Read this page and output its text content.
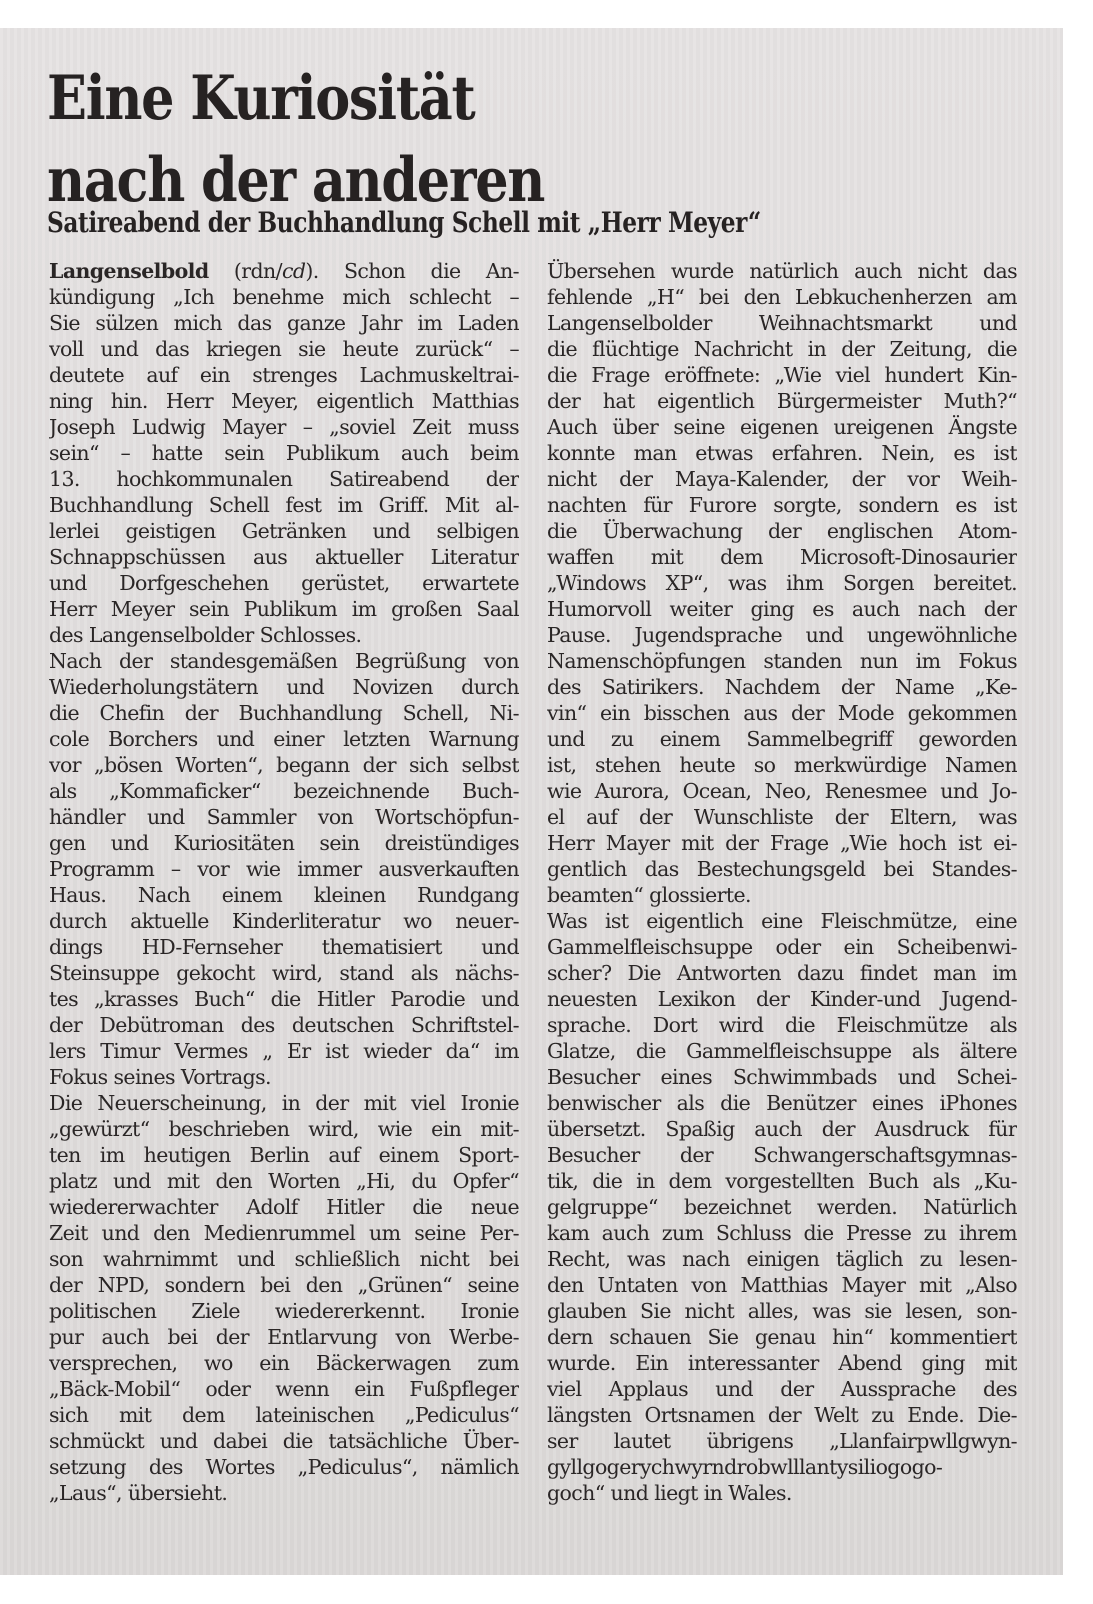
Eine Kuriosität
nach der anderen
Satireabend der Buchhandlung Schell mit „Herr Meyer“
Langenselbold (rdn/cd). Schon die An-
kündigung „Ich benehme mich schlecht –
Sie sülzen mich das ganze Jahr im Laden
voll und das kriegen sie heute zurück“ –
deutete auf ein strenges Lachmuskeltrai-
ning hin. Herr Meyer, eigentlich Matthias
Joseph Ludwig Mayer – „soviel Zeit muss
sein“ – hatte sein Publikum auch beim
13. hochkommunalen Satireabend der
Buchhandlung Schell fest im Griff. Mit al-
lerlei geistigen Getränken und selbigen
Schnappschüssen aus aktueller Literatur
und Dorfgeschehen gerüstet, erwartete
Herr Meyer sein Publikum im großen Saal
des Langenselbolder Schlosses.
Nach der standesgemäßen Begrüßung von
Wiederholungstätern und Novizen durch
die Chefin der Buchhandlung Schell, Ni-
cole Borchers und einer letzten Warnung
vor „bösen Worten“, begann der sich selbst
als „Kommaficker“ bezeichnende Buch-
händler und Sammler von Wortschöpfun-
gen und Kuriositäten sein dreistündiges
Programm – vor wie immer ausverkauften
Haus. Nach einem kleinen Rundgang
durch aktuelle Kinderliteratur wo neuer-
dings HD-Fernseher thematisiert und
Steinsuppe gekocht wird, stand als nächs-
tes „krasses Buch“ die Hitler Parodie und
der Debütroman des deutschen Schriftstel-
lers Timur Vermes „ Er ist wieder da“ im
Fokus seines Vortrags.
Die Neuerscheinung, in der mit viel Ironie
„gewürzt“ beschrieben wird, wie ein mit-
ten im heutigen Berlin auf einem Sport-
platz und mit den Worten „Hi, du Opfer“
wiedererwachter Adolf Hitler die neue
Zeit und den Medienrummel um seine Per-
son wahrnimmt und schließlich nicht bei
der NPD, sondern bei den „Grünen“ seine
politischen Ziele wiedererkennt. Ironie
pur auch bei der Entlarvung von Werbe-
versprechen, wo ein Bäckerwagen zum
„Bäck-Mobil“ oder wenn ein Fußpfleger
sich mit dem lateinischen „Pediculus“
schmückt und dabei die tatsächliche Über-
setzung des Wortes „Pediculus“, nämlich
„Laus“, übersieht.
Übersehen wurde natürlich auch nicht das
fehlende „H“ bei den Lebkuchenherzen am
Langenselbolder Weihnachtsmarkt und
die flüchtige Nachricht in der Zeitung, die
die Frage eröffnete: „Wie viel hundert Kin-
der hat eigentlich Bürgermeister Muth?“
Auch über seine eigenen ureigenen Ängste
konnte man etwas erfahren. Nein, es ist
nicht der Maya-Kalender, der vor Weih-
nachten für Furore sorgte, sondern es ist
die Überwachung der englischen Atom-
waffen mit dem Microsoft-Dinosaurier
„Windows XP“, was ihm Sorgen bereitet.
Humorvoll weiter ging es auch nach der
Pause. Jugendsprache und ungewöhnliche
Namenschöpfungen standen nun im Fokus
des Satirikers. Nachdem der Name „Ke-
vin“ ein bisschen aus der Mode gekommen
und zu einem Sammelbegriff geworden
ist, stehen heute so merkwürdige Namen
wie Aurora, Ocean, Neo, Renesmee und Jo-
el auf der Wunschliste der Eltern, was
Herr Mayer mit der Frage „Wie hoch ist ei-
gentlich das Bestechungsgeld bei Standes-
beamten“ glossierte.
Was ist eigentlich eine Fleischmütze, eine
Gammelfleischsuppe oder ein Scheibenwi-
scher? Die Antworten dazu findet man im
neuesten Lexikon der Kinder-und Jugend-
sprache. Dort wird die Fleischmütze als
Glatze, die Gammelfleischsuppe als ältere
Besucher eines Schwimmbads und Schei-
benwischer als die Benützer eines iPhones
übersetzt. Spaßig auch der Ausdruck für
Besucher der Schwangerschaftsgymnas-
tik, die in dem vorgestellten Buch als „Ku-
gelgruppe“ bezeichnet werden. Natürlich
kam auch zum Schluss die Presse zu ihrem
Recht, was nach einigen täglich zu lesen-
den Untaten von Matthias Mayer mit „Also
glauben Sie nicht alles, was sie lesen, son-
dern schauen Sie genau hin“ kommentiert
wurde. Ein interessanter Abend ging mit
viel Applaus und der Aussprache des
längsten Ortsnamen der Welt zu Ende. Die-
ser lautet übrigens „Llanfairpwllgwyn-
gyllgogerychwyrndrobwlllantysiliogogo-
goch“ und liegt in Wales.
